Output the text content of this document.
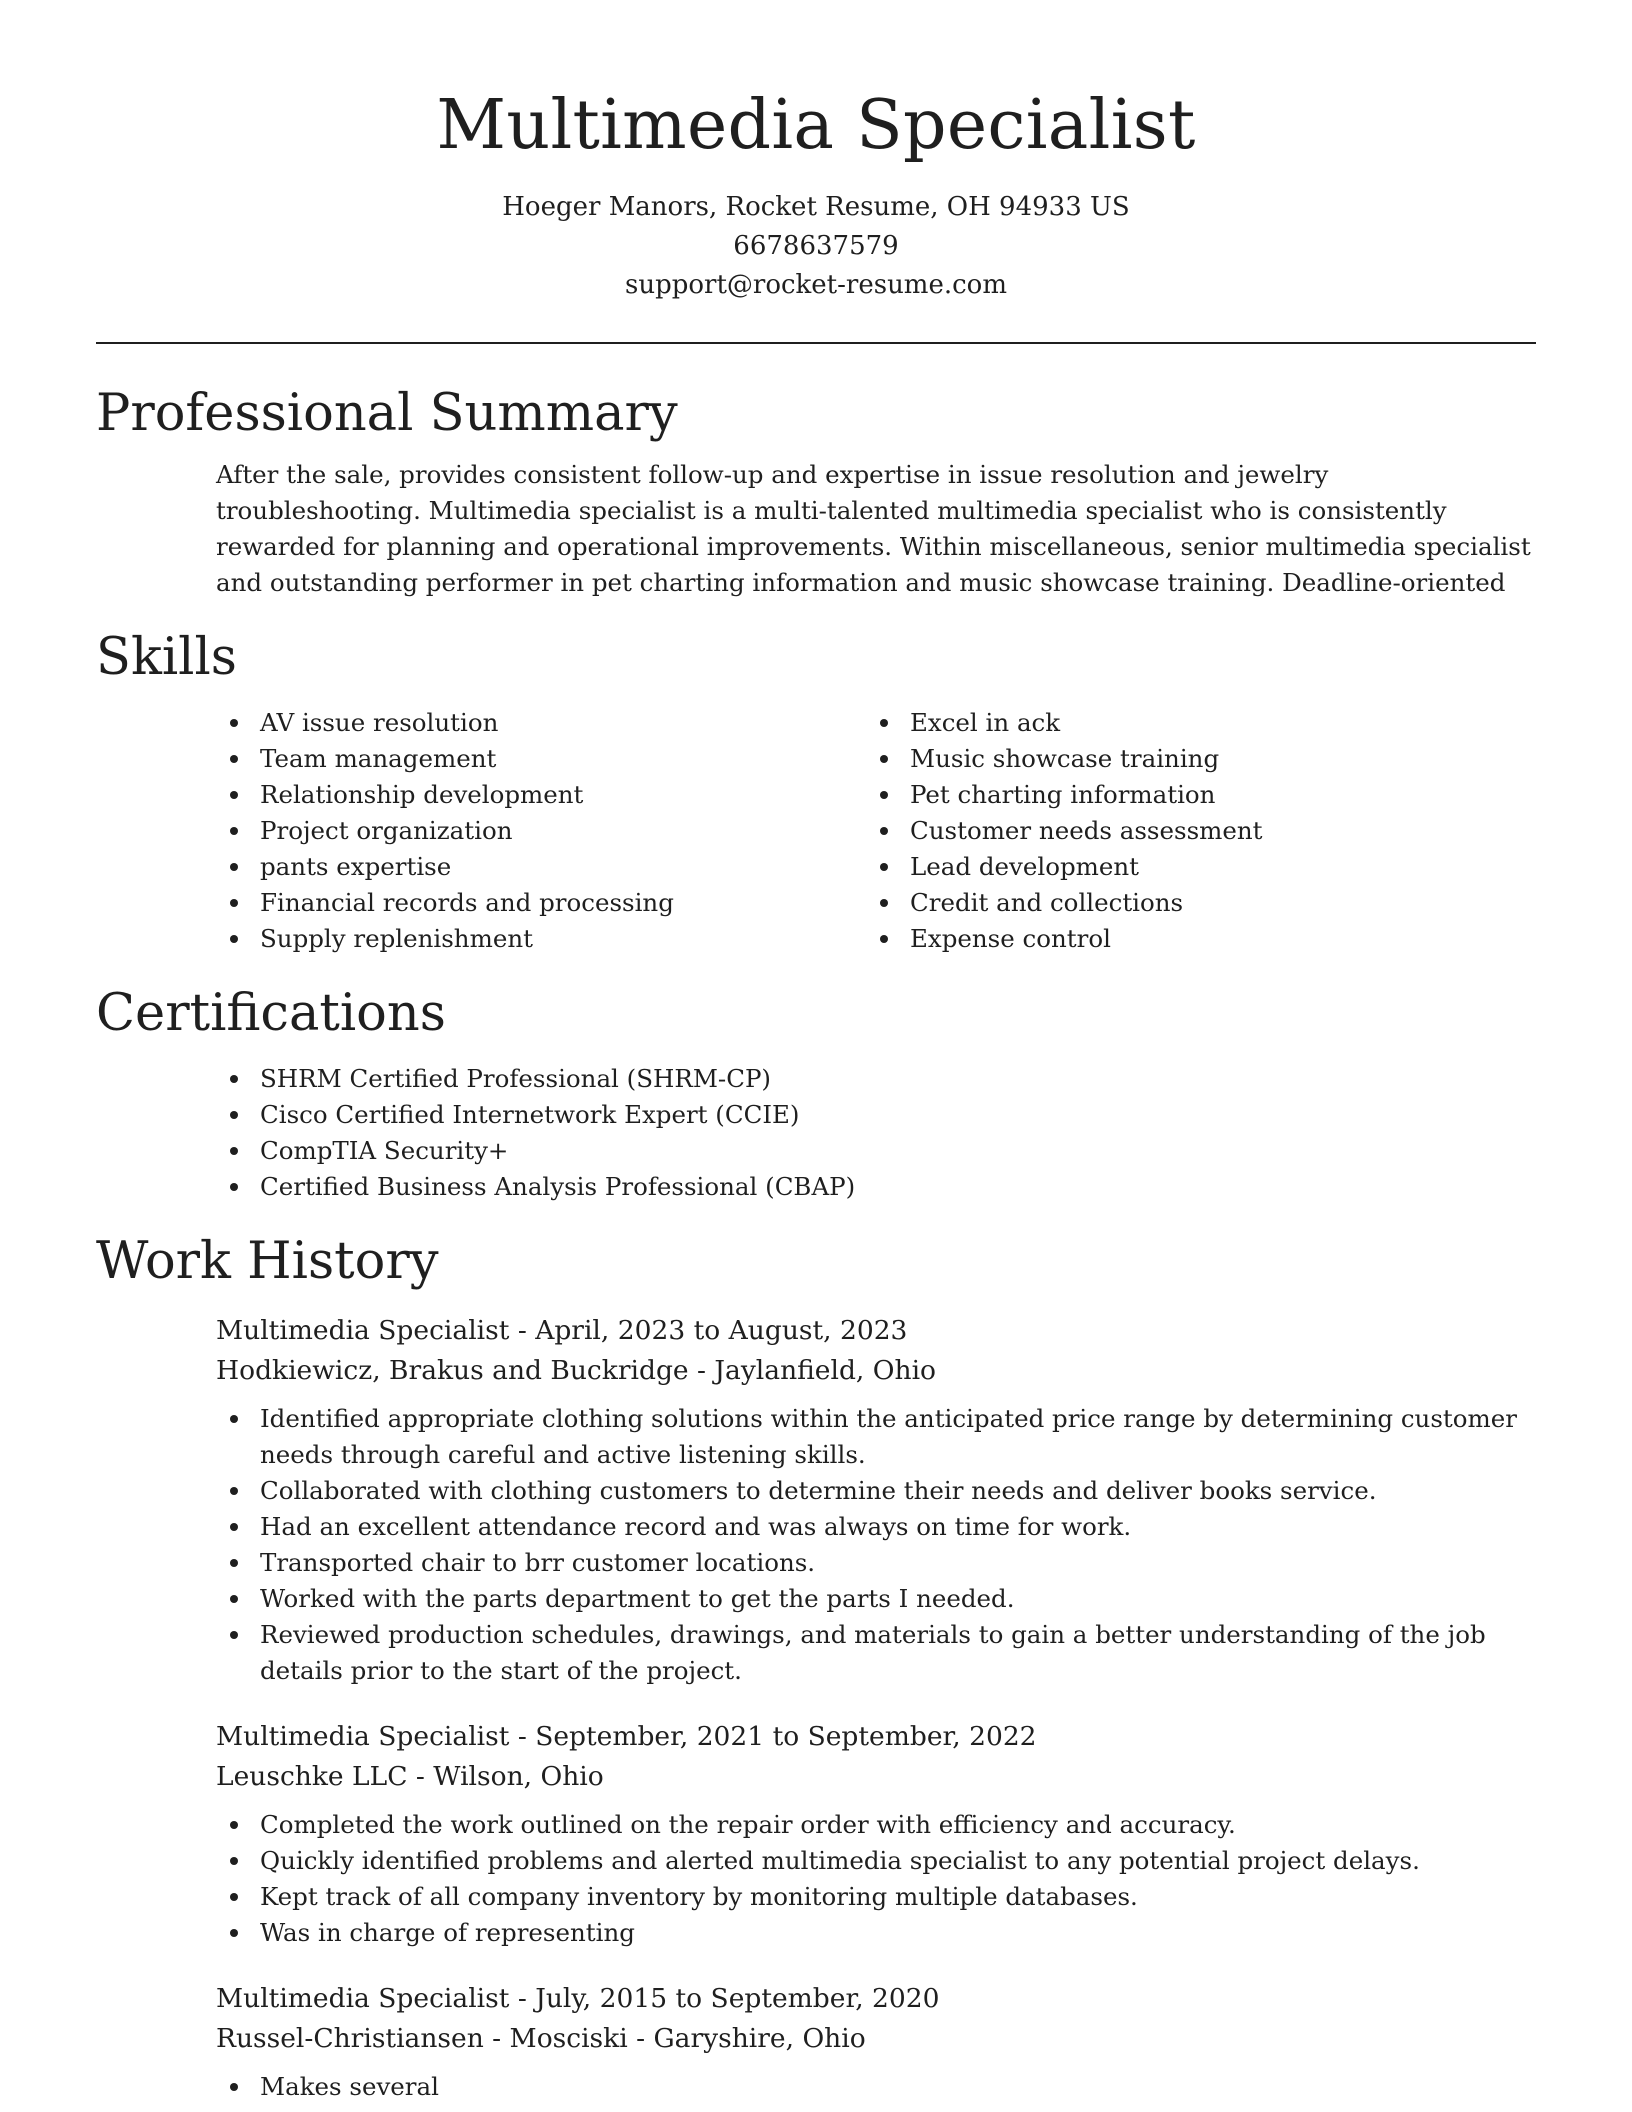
Multimedia Specialist

Hoeger Manors, Rocket Resume, OH 94933 US

6678637579

support@rocket-resume.com

Professional Summary

After the sale, provides consistent follow-up and expertise in issue resolution and jewelry troubleshooting. Multimedia specialist is a multi-talented multimedia specialist who is consistently rewarded for planning and operational improvements. Within miscellaneous, senior multimedia specialist and outstanding performer in pet charting information and music showcase training. Deadline-oriented

Skills
AV issue resolution
Team management
Relationship development
Project organization
pants expertise
Financial records and processing
Supply replenishment
Excel in ack
Music showcase training
Pet charting information
Customer needs assessment
Lead development
Credit and collections
Expense control
Certifications
SHRM Certified Professional (SHRM-CP)
Cisco Certified Internetwork Expert (CCIE)
CompTIA Security+
Certified Business Analysis Professional (CBAP)
Work History

Multimedia Specialist - April, 2023 to August, 2023

Hodkiewicz, Brakus and Buckridge - Jaylanfield, Ohio

Identified appropriate clothing solutions within the anticipated price range by determining customer needs through careful and active listening skills.
Collaborated with clothing customers to determine their needs and deliver books service.
Had an excellent attendance record and was always on time for work.
Transported chair to brr customer locations.
Worked with the parts department to get the parts I needed.
Reviewed production schedules, drawings, and materials to gain a better understanding of the job details prior to the start of the project.

Multimedia Specialist - September, 2021 to September, 2022

Leuschke LLC - Wilson, Ohio

Completed the work outlined on the repair order with efficiency and accuracy.
Quickly identified problems and alerted multimedia specialist to any potential project delays.
Kept track of all company inventory by monitoring multiple databases.
Was in charge of representing

Multimedia Specialist - July, 2015 to September, 2020

Russel-Christiansen - Mosciski - Garyshire, Ohio

Makes several
